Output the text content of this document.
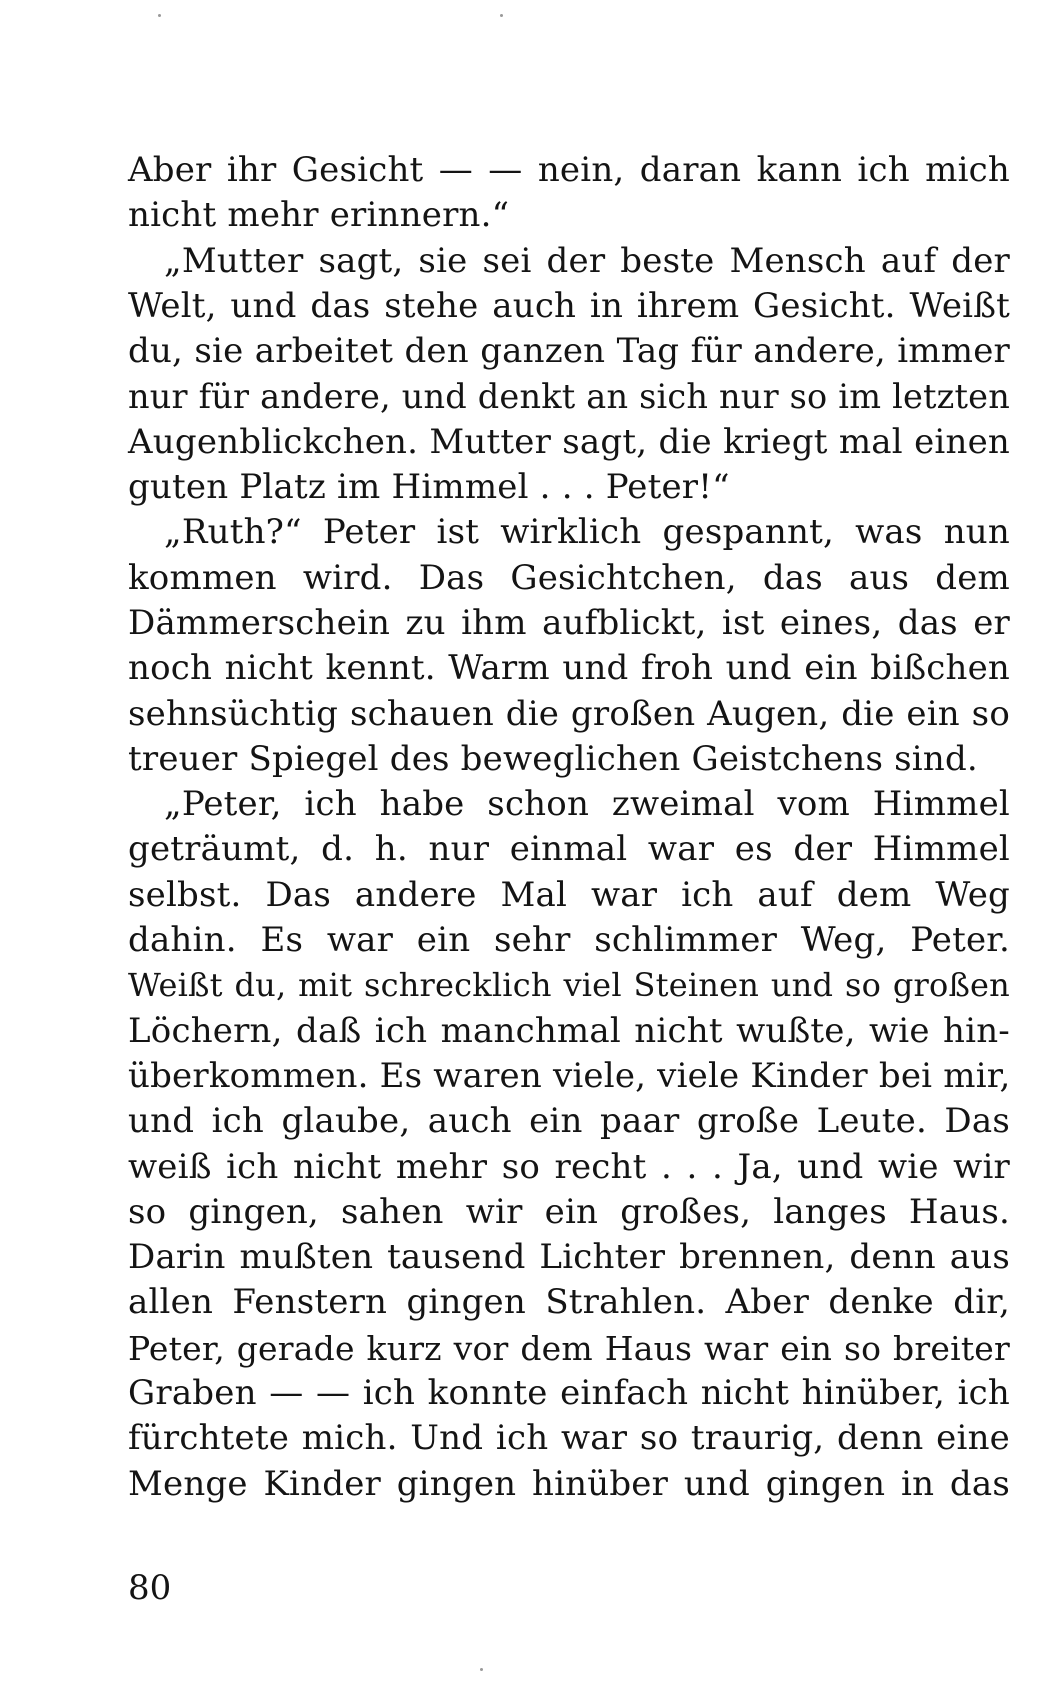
Aber ihr Gesicht — — nein, daran kann ich mich
nicht mehr erinnern.“
„Mutter sagt, sie sei der beste Mensch auf der
Welt, und das stehe auch in ihrem Gesicht. Weißt
du, sie arbeitet den ganzen Tag für andere, immer
nur für andere, und denkt an sich nur so im letzten
Augenblickchen. Mutter sagt, die kriegt mal einen
guten Platz im Himmel . . . Peter!“
„Ruth?“ Peter ist wirklich gespannt, was nun
kommen wird. Das Gesichtchen, das aus dem
Dämmerschein zu ihm aufblickt, ist eines, das er
noch nicht kennt. Warm und froh und ein bißchen
sehnsüchtig schauen die großen Augen, die ein so
treuer Spiegel des beweglichen Geistchens sind.
„Peter, ich habe schon zweimal vom Himmel
geträumt, d. h. nur einmal war es der Himmel
selbst. Das andere Mal war ich auf dem Weg
dahin. Es war ein sehr schlimmer Weg, Peter.
Weißt du, mit schrecklich viel Steinen und so großen
Löchern, daß ich manchmal nicht wußte, wie hin-
überkommen. Es waren viele, viele Kinder bei mir,
und ich glaube, auch ein paar große Leute. Das
weiß ich nicht mehr so recht . . . Ja, und wie wir
so gingen, sahen wir ein großes, langes Haus.
Darin mußten tausend Lichter brennen, denn aus
allen Fenstern gingen Strahlen. Aber denke dir,
Peter, gerade kurz vor dem Haus war ein so breiter
Graben — — ich konnte einfach nicht hinüber, ich
fürchtete mich. Und ich war so traurig, denn eine
Menge Kinder gingen hinüber und gingen in das
80
